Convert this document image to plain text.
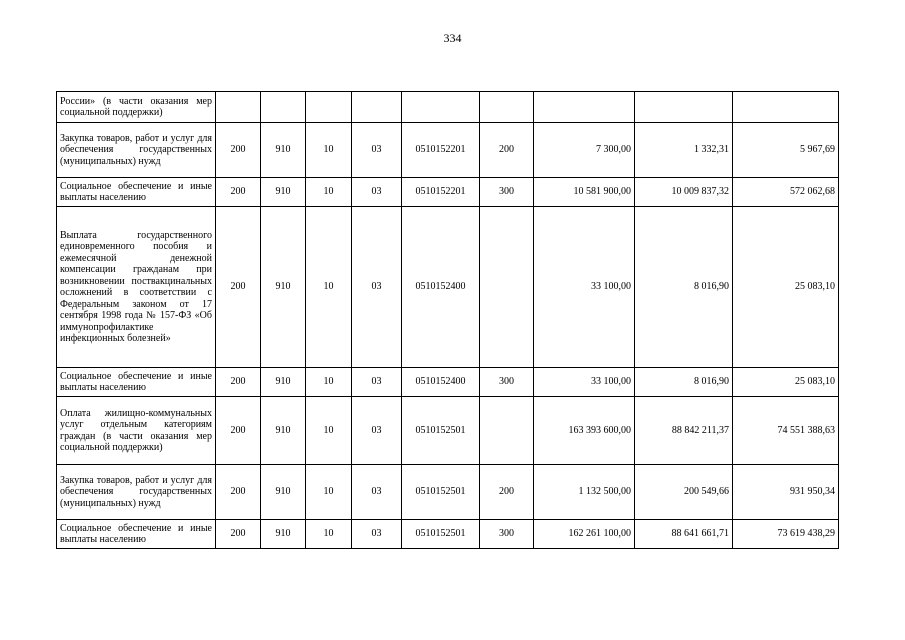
334
России» (в части оказания мер социальной поддержки)									
Закупка товаров, работ и услуг для обеспечения государственных (муниципальных) нужд	200	910	10	03	0510152201	200	7 300,00	1 332,31	5 967,69
Социальное обеспечение и иные выплаты населению	200	910	10	03	0510152201	300	10 581 900,00	10 009 837,32	572 062,68
Выплата государственного единовременного пособия и ежемесячной денежной компенсации гражданам при возникновении поствакцинальных осложнений в соответствии с Федеральным законом от 17 сентября 1998 года № 157-ФЗ «Об иммунопрофилактике инфекционных болезней»	200	910	10	03	0510152400		33 100,00	8 016,90	25 083,10
Социальное обеспечение и иные выплаты населению	200	910	10	03	0510152400	300	33 100,00	8 016,90	25 083,10
Оплата жилищно-коммунальных услуг отдельным категориям граждан (в части оказания мер социальной поддержки)	200	910	10	03	0510152501		163 393 600,00	88 842 211,37	74 551 388,63
Закупка товаров, работ и услуг для обеспечения государственных (муниципальных) нужд	200	910	10	03	0510152501	200	1 132 500,00	200 549,66	931 950,34
Социальное обеспечение и иные выплаты населению	200	910	10	03	0510152501	300	162 261 100,00	88 641 661,71	73 619 438,29
